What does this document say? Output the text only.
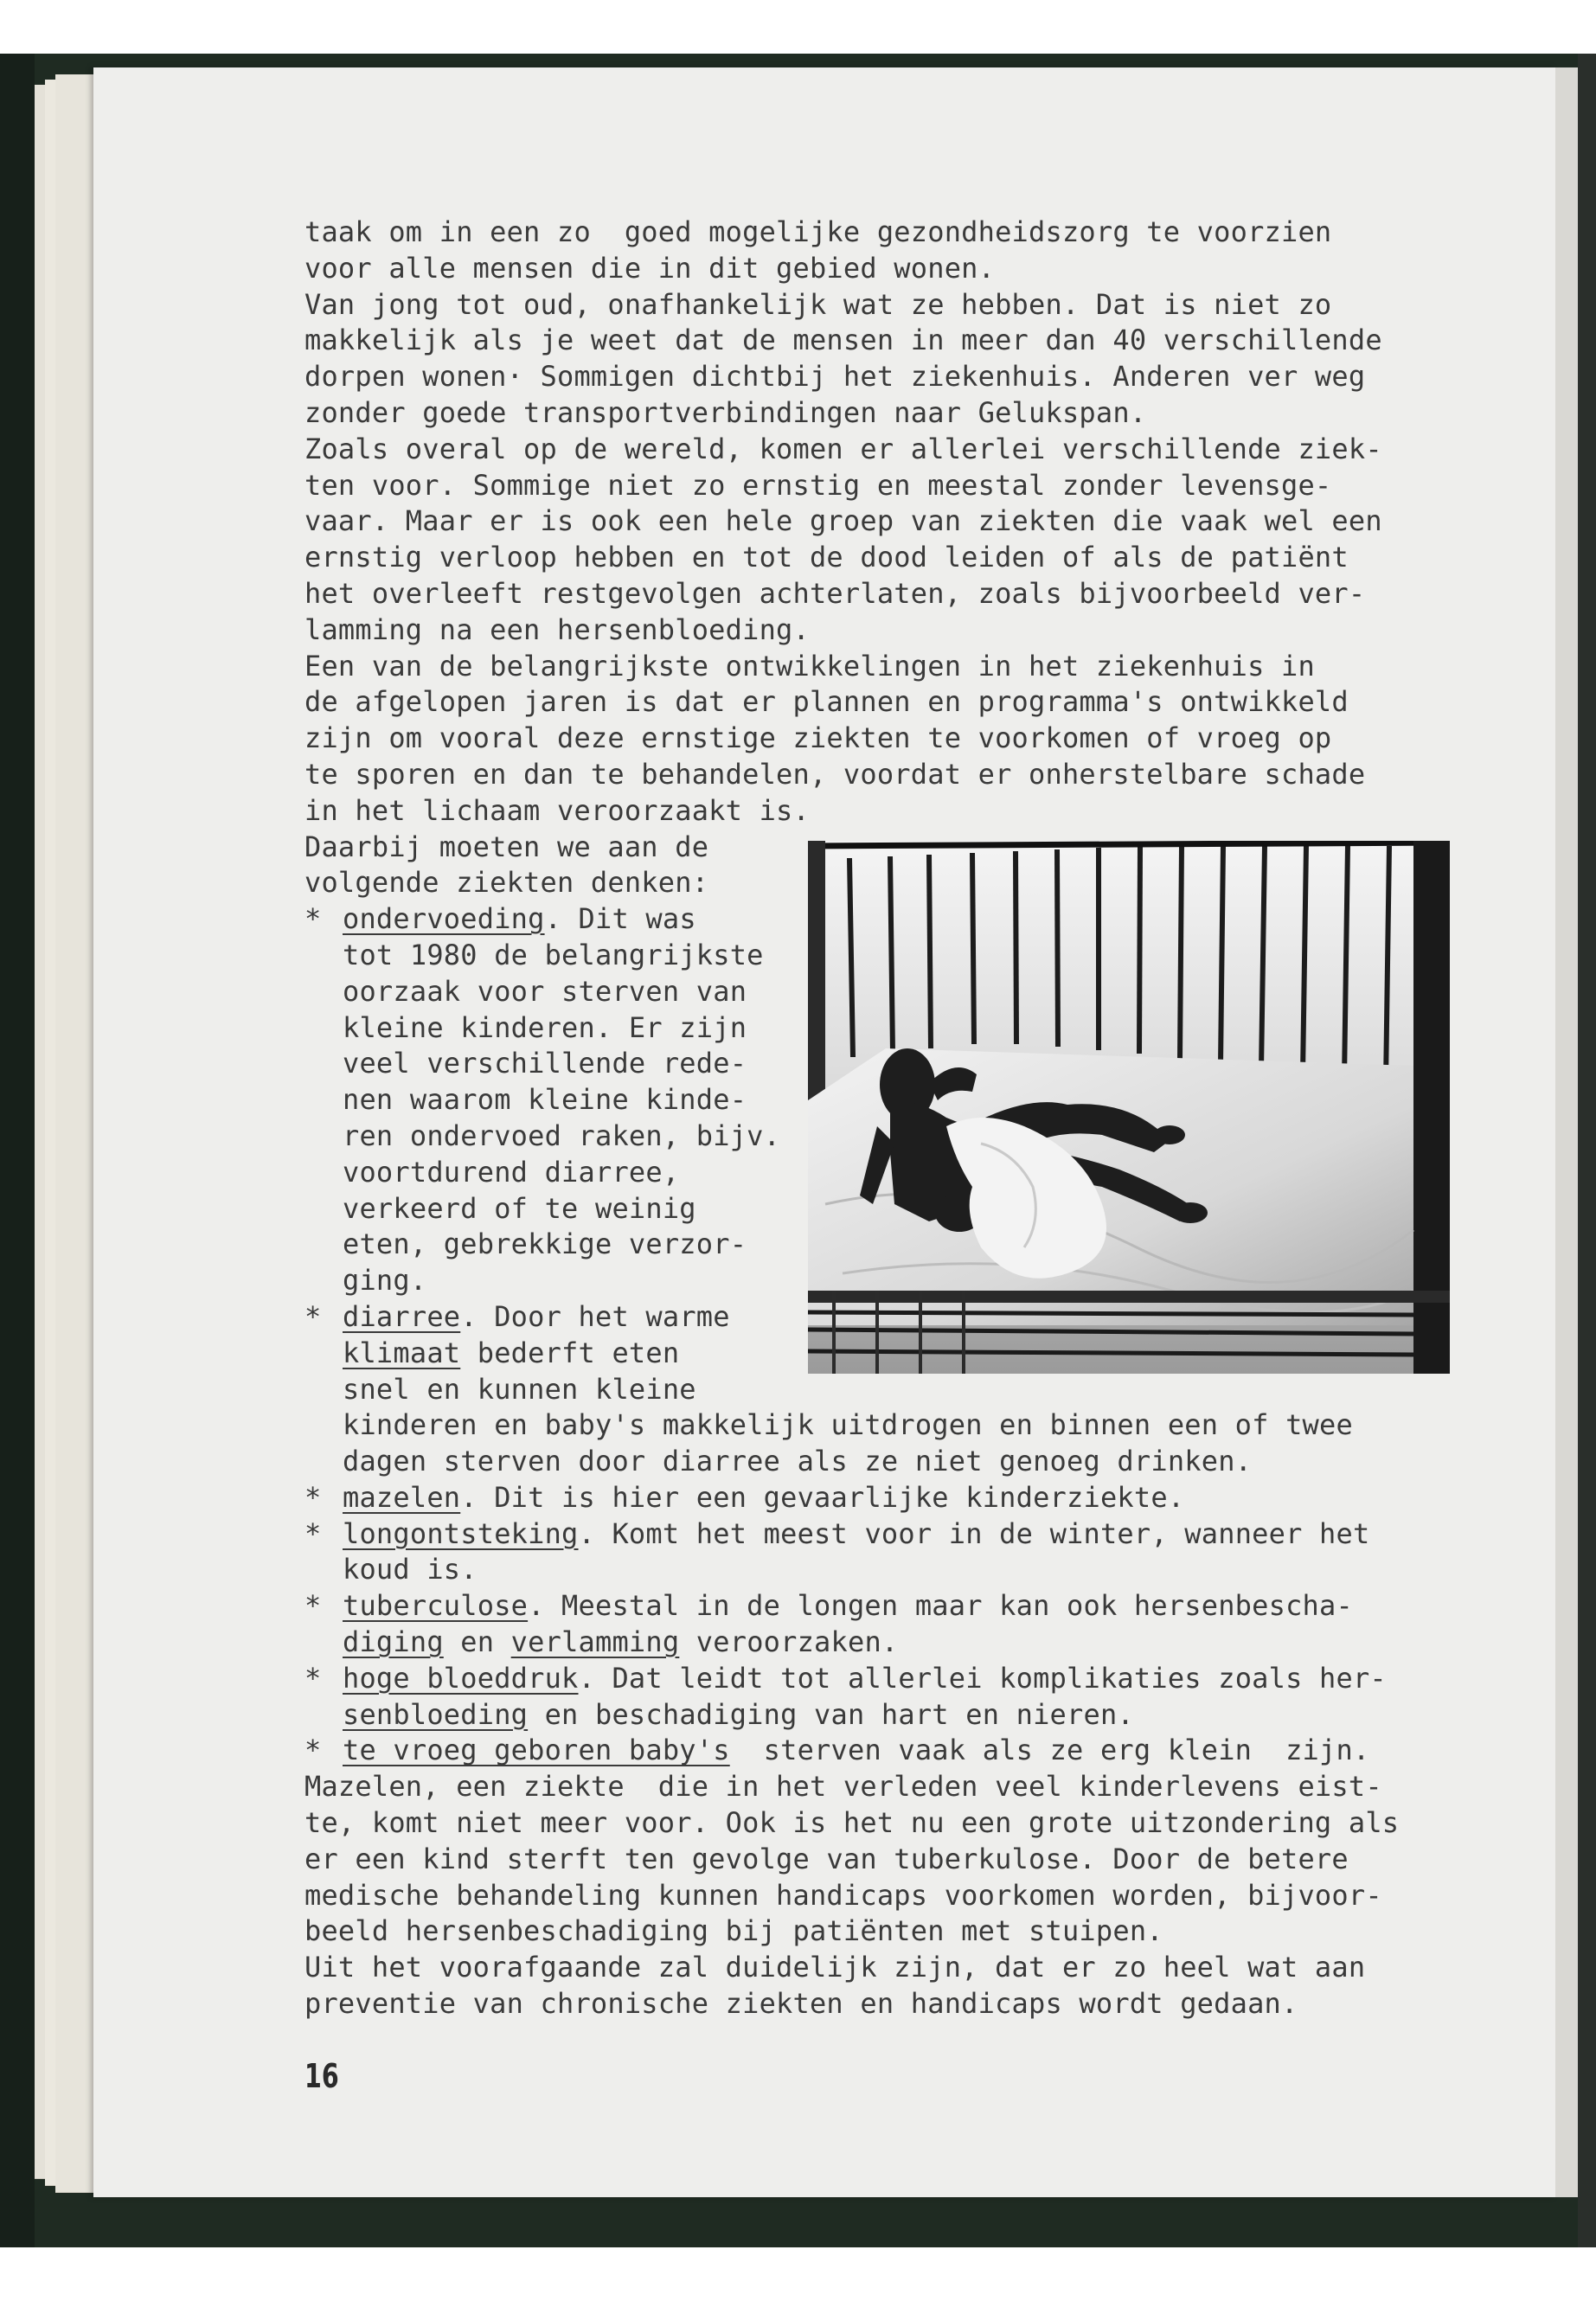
taak om in een zo  goed mogelijke gezondheidszorg te voorzien
voor alle mensen die in dit gebied wonen.
Van jong tot oud, onafhankelijk wat ze hebben. Dat is niet zo
makkelijk als je weet dat de mensen in meer dan 40 verschillende
dorpen wonen· Sommigen dichtbij het ziekenhuis. Anderen ver weg
zonder goede transportverbindingen naar Gelukspan.
Zoals overal op de wereld, komen er allerlei verschillende ziek-
ten voor. Sommige niet zo ernstig en meestal zonder levensge-
vaar. Maar er is ook een hele groep van ziekten die vaak wel een
ernstig verloop hebben en tot de dood leiden of als de patiënt
het overleeft restgevolgen achterlaten, zoals bijvoorbeeld ver-
lamming na een hersenbloeding.
Een van de belangrijkste ontwikkelingen in het ziekenhuis in
de afgelopen jaren is dat er plannen en programma's ontwikkeld
zijn om vooral deze ernstige ziekten te voorkomen of vroeg op
te sporen en dan te behandelen, voordat er onherstelbare schade
in het lichaam veroorzaakt is.
Daarbij moeten we aan de
volgende ziekten denken:
* ondervoeding. Dit was
tot 1980 de belangrijkste
oorzaak voor sterven van
kleine kinderen. Er zijn
veel verschillende rede-
nen waarom kleine kinde-
ren ondervoed raken, bijv.
voortdurend diarree,
verkeerd of te weinig
eten, gebrekkige verzor-
ging.
* diarree. Door het warme
klimaat bederft eten
snel en kunnen kleine
kinderen en baby's makkelijk uitdrogen en binnen een of twee
dagen sterven door diarree als ze niet genoeg drinken.
* mazelen. Dit is hier een gevaarlijke kinderziekte.
* longontsteking. Komt het meest voor in de winter, wanneer het
koud is.
* tuberculose. Meestal in de longen maar kan ook hersenbescha-
diging en verlamming veroorzaken.
* hoge bloeddruk. Dat leidt tot allerlei komplikaties zoals her-
senbloeding en beschadiging van hart en nieren.
* te vroeg geboren baby's  sterven vaak als ze erg klein  zijn.
Mazelen, een ziekte  die in het verleden veel kinderlevens eist-
te, komt niet meer voor. Ook is het nu een grote uitzondering als
er een kind sterft ten gevolge van tuberkulose. Door de betere
medische behandeling kunnen handicaps voorkomen worden, bijvoor-
beeld hersenbeschadiging bij patiënten met stuipen.
Uit het voorafgaande zal duidelijk zijn, dat er zo heel wat aan
preventie van chronische ziekten en handicaps wordt gedaan.
16
